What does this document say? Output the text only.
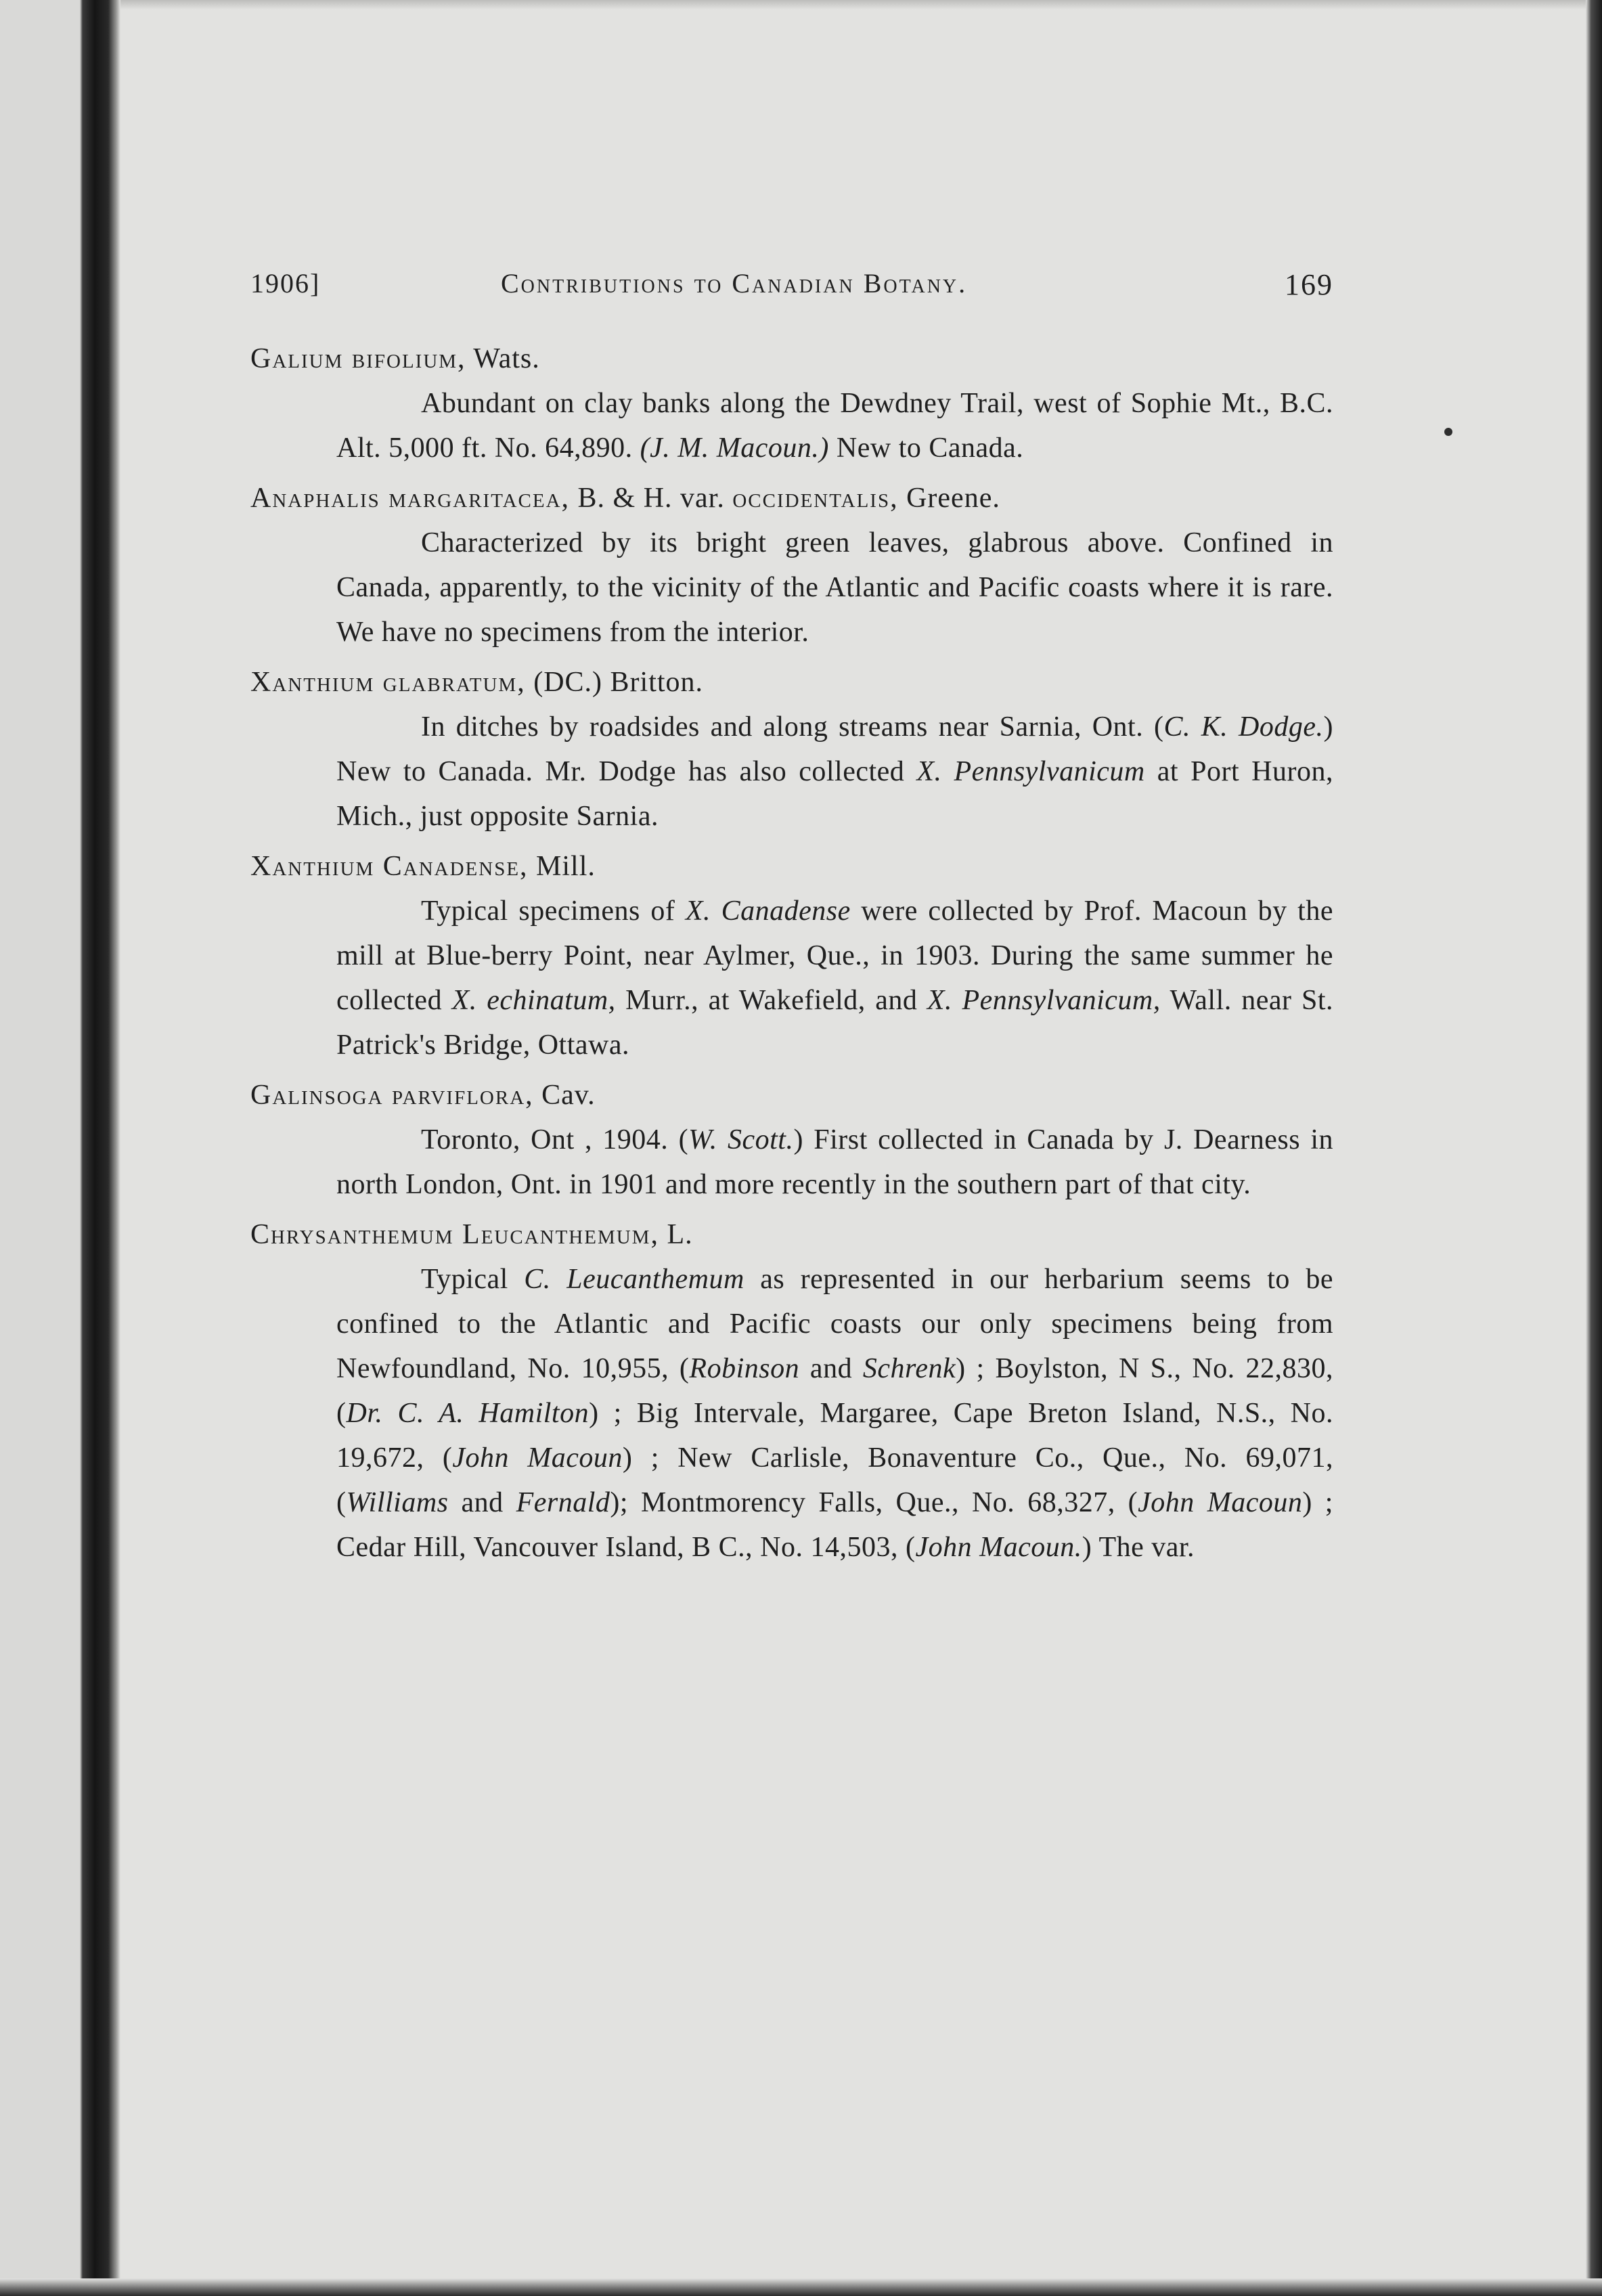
1906]	Contributions to Canadian Botany.	169
Galium bifolium, Wats.
Abundant on clay banks along the Dewdney Trail, west of Sophie Mt., B.C. Alt. 5,000 ft. No. 64,890. (J. M. Macoun.) New to Canada.
Anaphalis margaritacea, B. & H. var. occidentalis, Greene.
Characterized by its bright green leaves, glabrous above. Confined in Canada, apparently, to the vicinity of the Atlantic and Pacific coasts where it is rare. We have no specimens from the interior.
Xanthium glabratum, (DC.) Britton.
In ditches by roadsides and along streams near Sarnia, Ont. (C. K. Dodge.) New to Canada. Mr. Dodge has also collected X. Pennsylvanicum at Port Huron, Mich., just opposite Sarnia.
Xanthium Canadense, Mill.
Typical specimens of X. Canadense were collected by Prof. Macoun by the mill at Blue-berry Point, near Aylmer, Que., in 1903. During the same summer he collected X. echinatum, Murr., at Wakefield, and X. Pennsylvanicum, Wall. near St. Patrick's Bridge, Ottawa.
Galinsoga parviflora, Cav.
Toronto, Ont , 1904. (W. Scott.) First collected in Canada by J. Dearness in north London, Ont. in 1901 and more recently in the southern part of that city.
Chrysanthemum Leucanthemum, L.
Typical C. Leucanthemum as represented in our herbarium seems to be confined to the Atlantic and Pacific coasts our only specimens being from Newfoundland, No. 10,955, (Robinson and Schrenk) ; Boylston, N S., No. 22,830, (Dr. C. A. Hamilton) ; Big Intervale, Margaree, Cape Breton Island, N.S., No. 19,672, (John Macoun) ; New Carlisle, Bonaventure Co., Que., No. 69,071, (Williams and Fernald); Montmorency Falls, Que., No. 68,327, (John Macoun) ; Cedar Hill, Vancouver Island, B C., No. 14,503, (John Macoun.) The var.
